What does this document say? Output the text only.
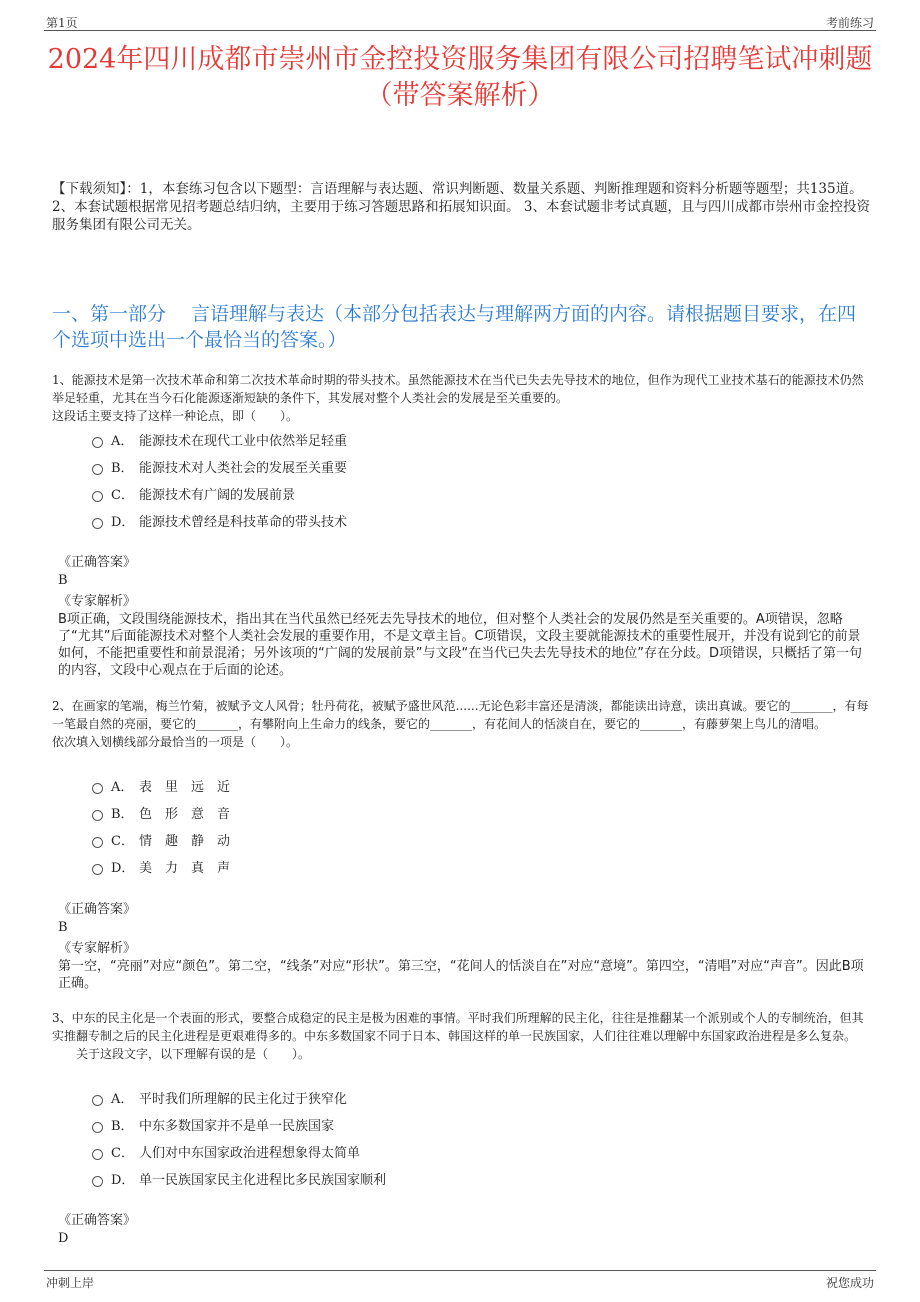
第1页	考前练习
2024年四川成都市崇州市金控投资服务集团有限公司招聘笔试冲刺题（带答案解析）
【下载须知】：1，本套练习包含以下题型：言语理解与表达题、常识判断题、数量关系题、判断推理题和资料分析题等题型；共135道。 2、本套试题根据常见招考题总结归纳，主要用于练习答题思路和拓展知识面。 3、本套试题非考试真题，且与四川成都市崇州市金控投资服务集团有限公司无关。
一、第一部分　 言语理解与表达（本部分包括表达与理解两方面的内容。请根据题目要求，在四个选项中选出一个最恰当的答案。）

1、能源技术是第一次技术革命和第二次技术革命时期的带头技术。虽然能源技术在当代已失去先导技术的地位，但作为现代工业技术基石的能源技术仍然举足轻重，尤其在当今石化能源逐渐短缺的条件下，其发展对整个人类社会的发展是至关重要的。

这段话主要支持了这样一种论点，即（　　）。

A． 能源技术在现代工业中依然举足轻重
B． 能源技术对人类社会的发展至关重要
C． 能源技术有广阔的发展前景
D． 能源技术曾经是科技革命的带头技术

《正确答案》

B

《专家解析》

B项正确，文段围绕能源技术，指出其在当代虽然已经死去先导技术的地位，但对整个人类社会的发展仍然是至关重要的。A项错误，忽略了“尤其”后面能源技术对整个人类社会发展的重要作用，不是文章主旨。C项错误，文段主要就能源技术的重要性展开，并没有说到它的前景如何，不能把重要性和前景混淆；另外该项的“广阔的发展前景”与文段“在当代已失去先导技术的地位”存在分歧。D项错误，只概括了第一句的内容，文段中心观点在于后面的论述。

2、在画家的笔端，梅兰竹菊，被赋予文人风骨；牡丹荷花，被赋予盛世风范......无论色彩丰富还是清淡，都能读出诗意，读出真诚。要它的_______，有每一笔最自然的亮丽，要它的_______，有攀附向上生命力的线条，要它的_______，有花间人的恬淡自在，要它的_______，有藤萝架上鸟儿的清唱。

依次填入划横线部分最恰当的一项是（　　）。

A． 表　里　远　近
B． 色　形　意　音
C． 情　趣　静　动
D． 美　力　真　声

《正确答案》

B

《专家解析》

第一空，“亮丽”对应“颜色”。第二空，“线条”对应“形状”。第三空，“花间人的恬淡自在”对应“意境”。第四空，“清唱”对应“声音”。因此B项正确。

3、中东的民主化是一个表面的形式，要整合成稳定的民主是极为困难的事情。平时我们所理解的民主化，往往是推翻某一个派别或个人的专制统治，但其实推翻专制之后的民主化进程是更艰难得多的。中东多数国家不同于日本、韩国这样的单一民族国家，人们往往难以理解中东国家政治进程是多么复杂。

　　关于这段文字，以下理解有误的是（　　）。

A． 平时我们所理解的民主化过于狭窄化
B． 中东多数国家并不是单一民族国家
C． 人们对中东国家政治进程想象得太简单
D． 单一民族国家民主化进程比多民族国家顺利

《正确答案》

D

冲刺上岸	祝您成功
